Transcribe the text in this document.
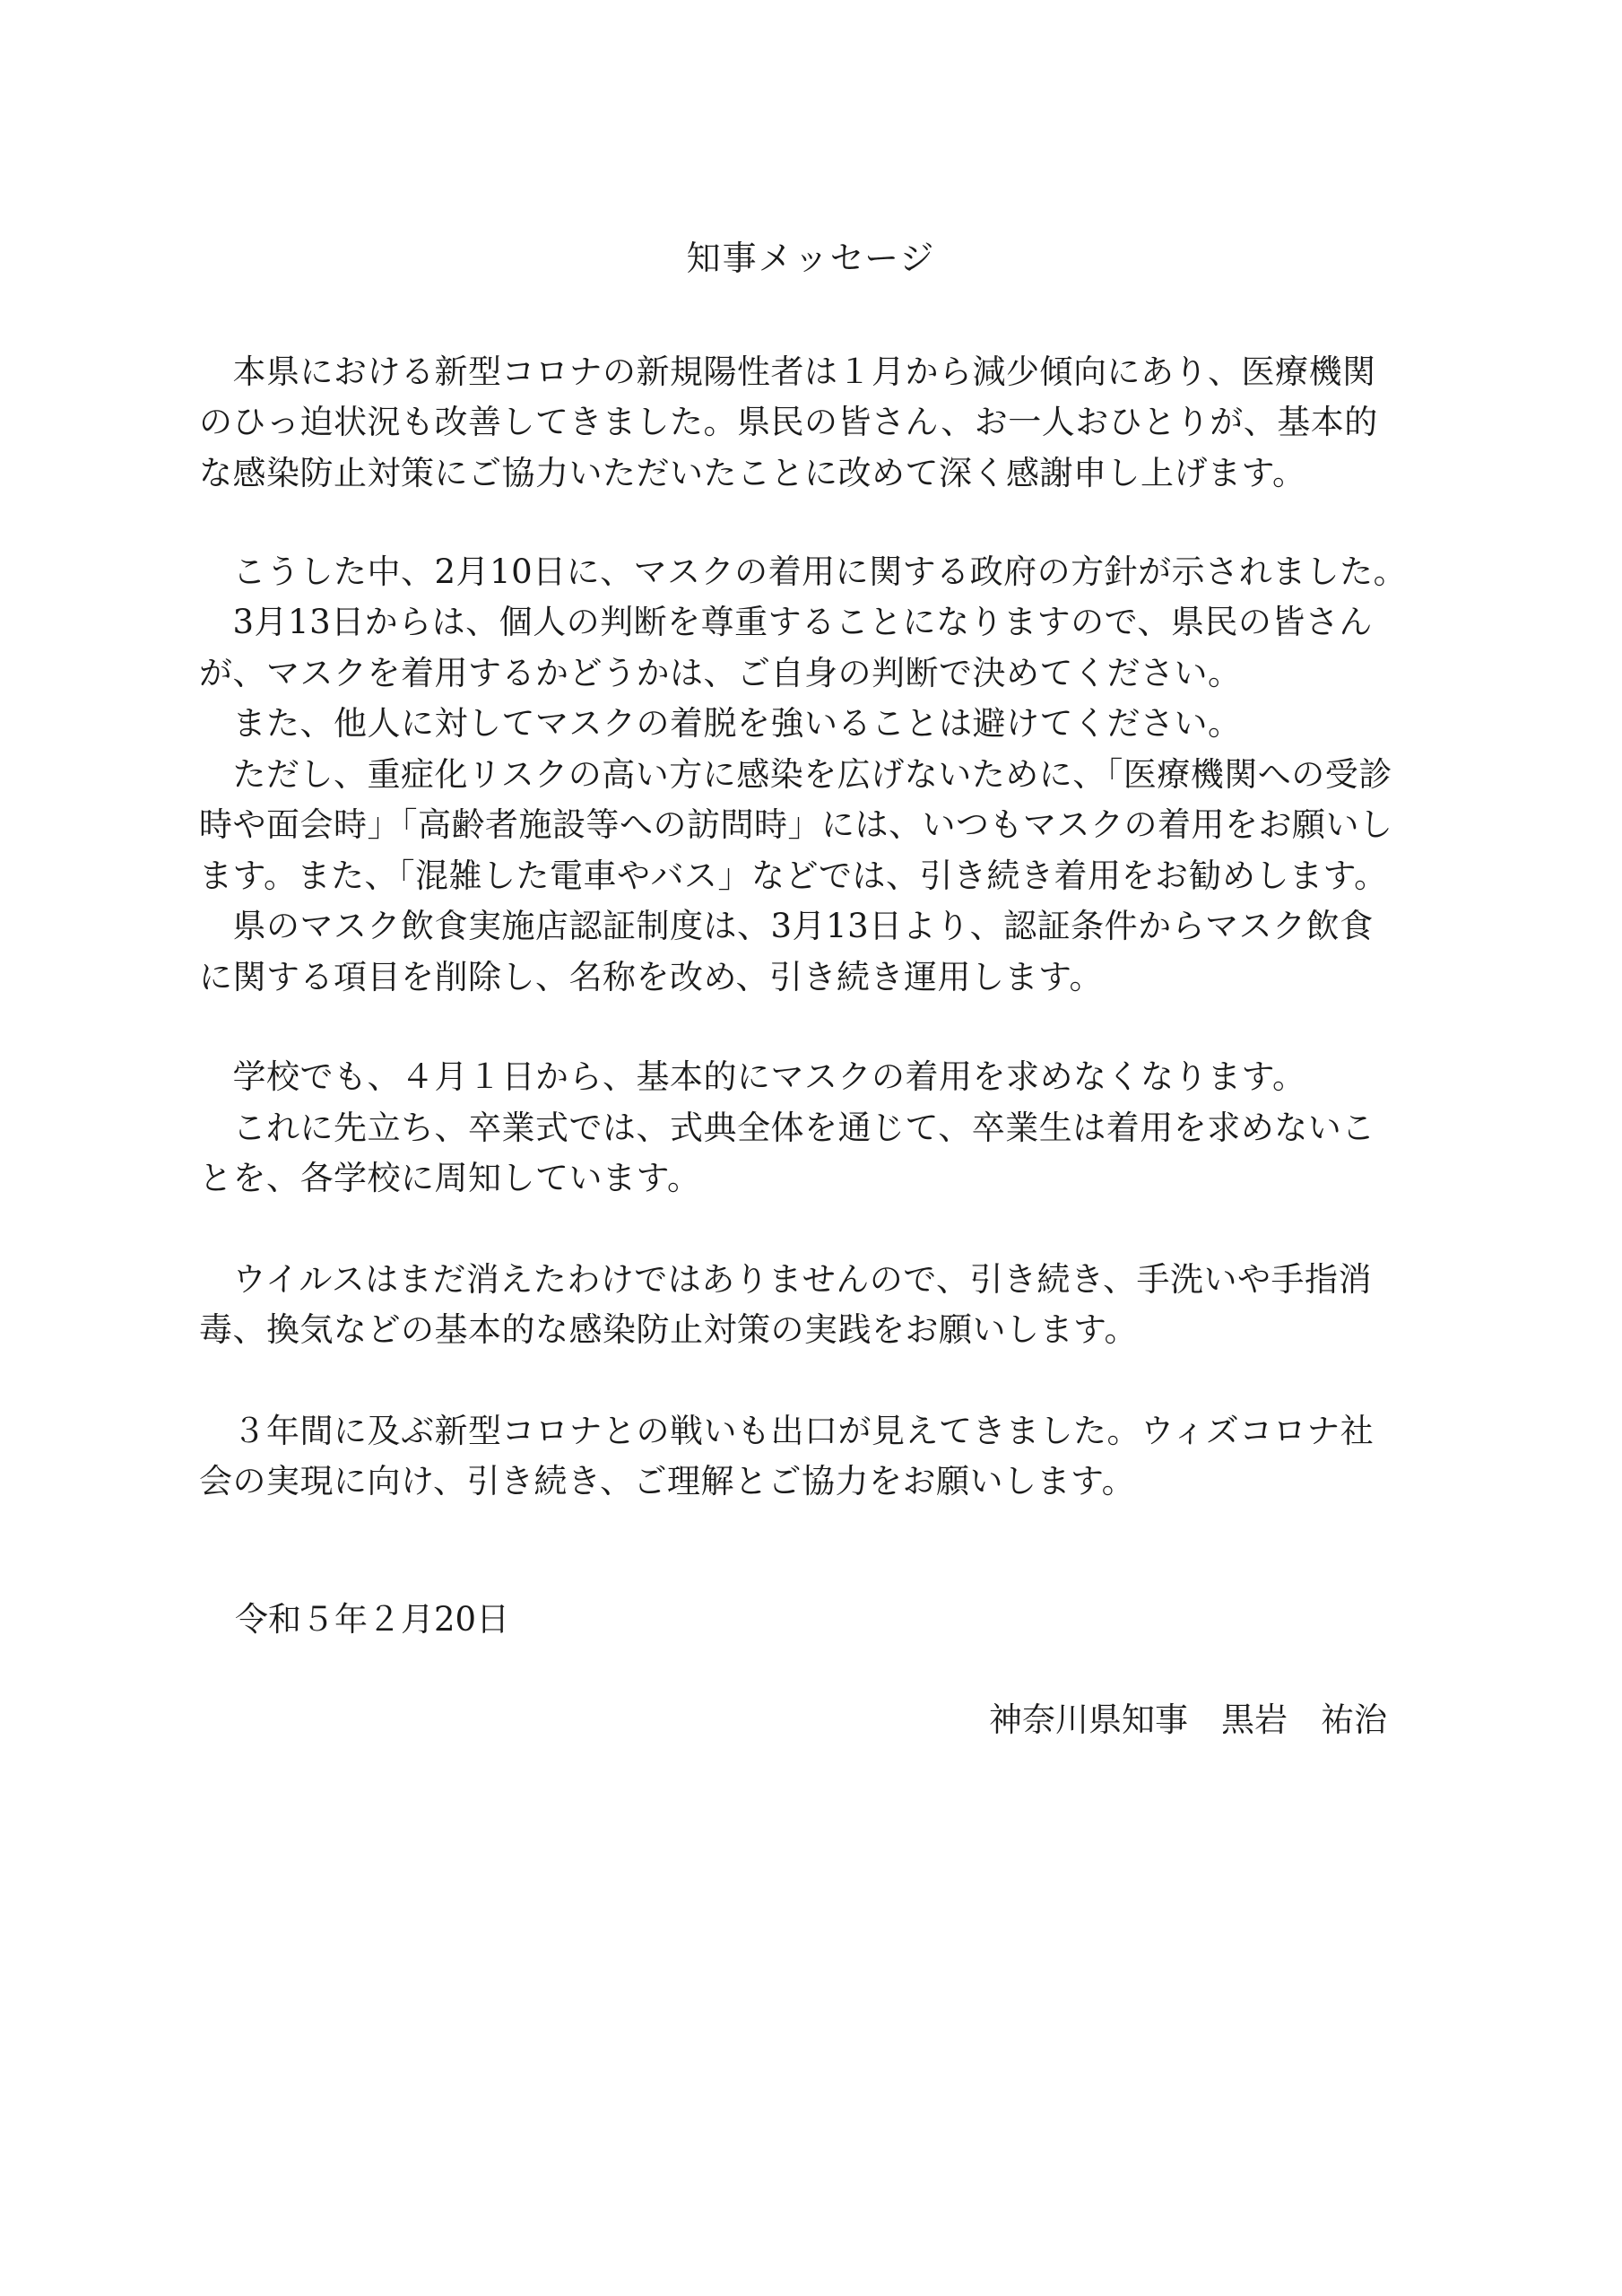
知事メッセージ
　本県における新型コロナの新規陽性者は１月から減少傾向にあり、医療機関
のひっ迫状況も改善してきました。県民の皆さん、お一人おひとりが、基本的
な感染防止対策にご協力いただいたことに改めて深く感謝申し上げます。
　こうした中、2月10日に、マスクの着用に関する政府の方針が示されました。
　3月13日からは、個人の判断を尊重することになりますので、県民の皆さん
が、マスクを着用するかどうかは、ご自身の判断で決めてください。
　また、他人に対してマスクの着脱を強いることは避けてください。
　ただし、重症化リスクの高い方に感染を広げないために、「医療機関への受診
時や面会時」「高齢者施設等への訪問時」には、いつもマスクの着用をお願いし
ます。また、「混雑した電車やバス」などでは、引き続き着用をお勧めします。
　県のマスク飲食実施店認証制度は、3月13日より、認証条件からマスク飲食
に関する項目を削除し、名称を改め、引き続き運用します。
　学校でも、４月１日から、基本的にマスクの着用を求めなくなります。
　これに先立ち、卒業式では、式典全体を通じて、卒業生は着用を求めないこ
とを、各学校に周知しています。
　ウイルスはまだ消えたわけではありませんので、引き続き、手洗いや手指消
毒、換気などの基本的な感染防止対策の実践をお願いします。
　３年間に及ぶ新型コロナとの戦いも出口が見えてきました。ウィズコロナ社
会の実現に向け、引き続き、ご理解とご協力をお願いします。
令和５年２月20日
神奈川県知事　黒岩　祐治
